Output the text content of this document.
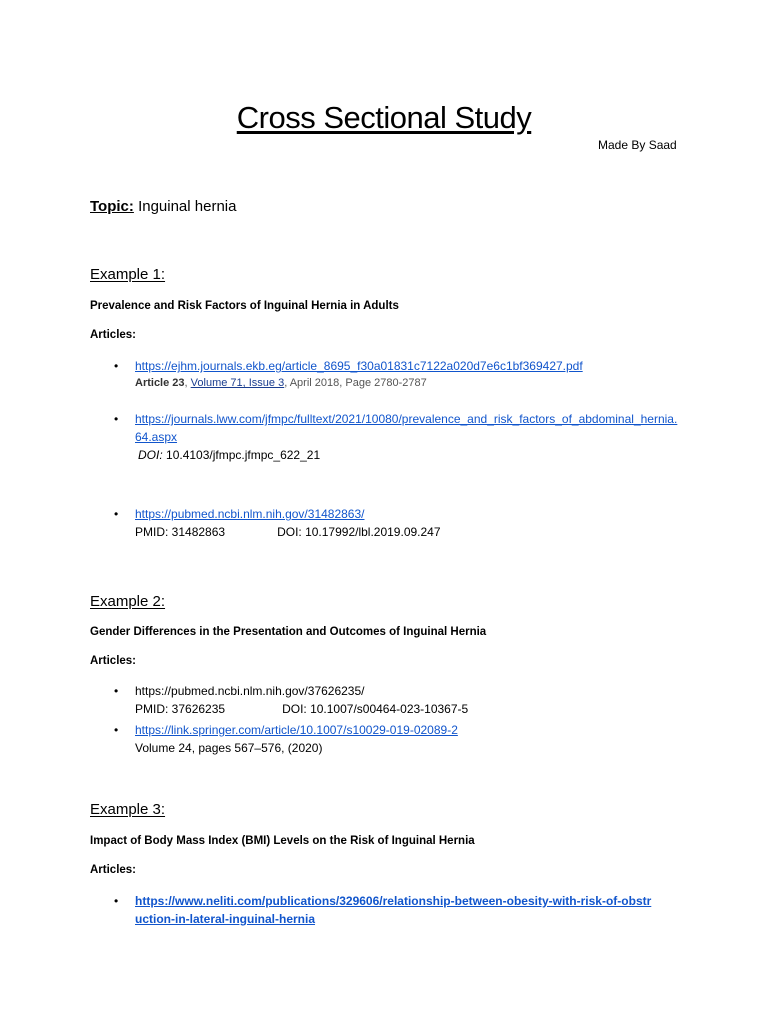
Cross Sectional Study
Made By Saad
Topic: Inguinal hernia
Example 1:
Prevalence and Risk Factors of Inguinal Hernia in Adults
Articles:
• https://ejhm.journals.ekb.eg/article_8695_f30a01831c7122a020d7e6c1bf369427.pdf
Article 23, Volume 71, Issue 3, April 2018, Page 2780-2787
• https://journals.lww.com/jfmpc/fulltext/2021/10080/prevalence_and_risk_factors_of_abdominal_hernia.64.aspx
DOI: 10.4103/jfmpc.jfmpc_622_21
• https://pubmed.ncbi.nlm.nih.gov/31482863/
PMID: 31482863	DOI: 10.17992/lbl.2019.09.247
Example 2:
Gender Differences in the Presentation and Outcomes of Inguinal Hernia
Articles:
• https://pubmed.ncbi.nlm.nih.gov/37626235/
PMID: 37626235	DOI: 10.1007/s00464-023-10367-5
• https://link.springer.com/article/10.1007/s10029-019-02089-2
Volume 24, pages 567–576, (2020)
Example 3:
Impact of Body Mass Index (BMI) Levels on the Risk of Inguinal Hernia
Articles:
• https://www.neliti.com/publications/329606/relationship-between-obesity-with-risk-of-obstruction-in-lateral-inguinal-hernia
